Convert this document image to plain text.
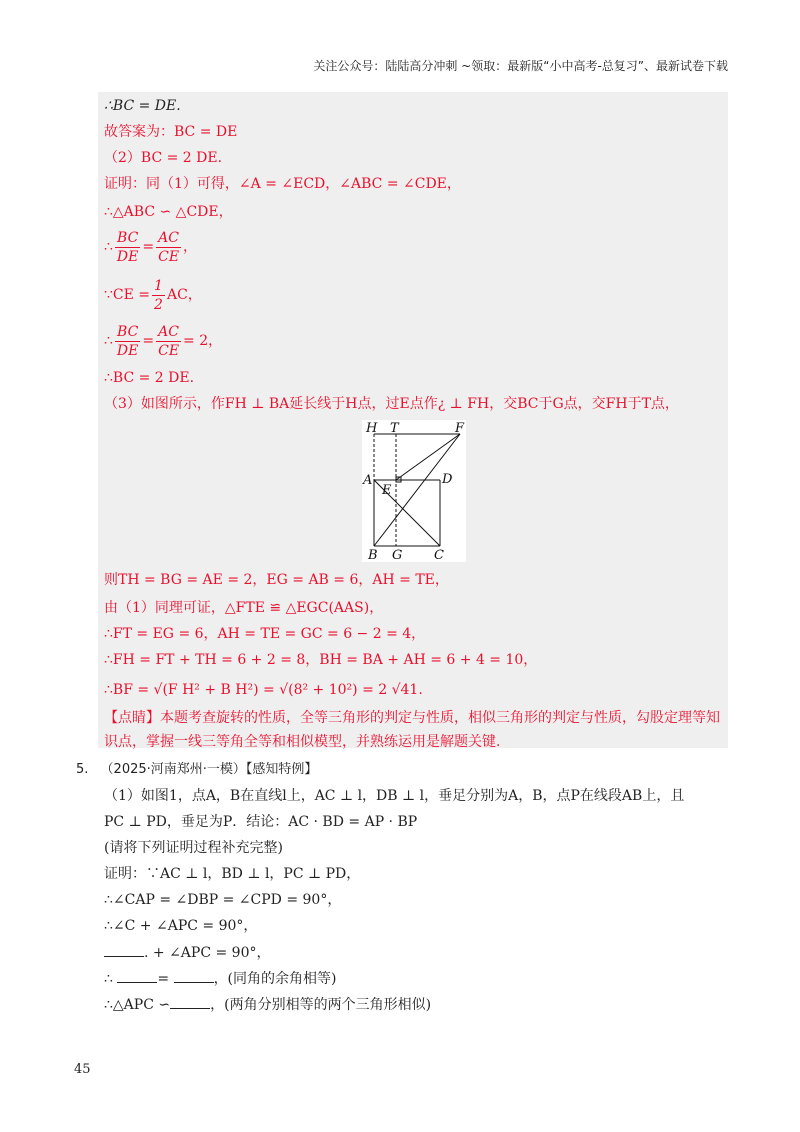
关注公众号：陆陆高分冲刺 ~领取：最新版“小中高考-总复习”、最新试卷下载
∴BC = DE.
故答案为：BC = DE
（2）BC = 2 DE.
证明：同（1）可得，∠A = ∠ECD，∠ABC = ∠CDE，
∴△ABC ∽ △CDE，
∴ $\frac{BC}{DE} = \frac{AC}{CE}$ ，
∵CE = $\frac{1}{2}$ AC，
∴ $\frac{BC}{DE} = \frac{AC}{CE} = 2$，
∴BC = 2 DE.
（3）如图所示，作FH ⊥ BA延长线于H点，过E点作¿ ⊥ FH，交BC于G点，交FH于T点，
H T	F
A	D
E
B G C
则TH = BG = AE = 2，EG = AB = 6，AH = TE，
由（1）同理可证，△FTE ≌ △EGC(AAS)，
∴FT = EG = 6，AH = TE = GC = 6 − 2 = 4，
∴FH = FT + TH = 6 + 2 = 8，BH = BA + AH = 6 + 4 = 10，
∴BF = √(F H² + B H²) = √(8² + 10²) = 2 √41.
【点睛】本题考查旋转的性质，全等三角形的判定与性质，相似三角形的判定与性质，勾股定理等知
识点，掌握一线三等角全等和相似模型，并熟练运用是解题关键.
5. （2025·河南郑州·一模）【感知特例】
（1）如图1，点A，B在直线l上，AC ⊥ l，DB ⊥ l，垂足分别为A，B，点P在线段AB上，且
PC ⊥ PD，垂足为P．结论：AC · BD = AP · BP
(请将下列证明过程补充完整)
证明：∵AC ⊥ l，BD ⊥ l，PC ⊥ PD，
∴∠CAP = ∠DBP = ∠CPD = 90°，
∴∠C + ∠APC = 90°，
. + ∠APC = 90°，
∴	=	，(同角的余角相等)
∴△APC ∽	，(两角分别相等的两个三角形相似)
45
